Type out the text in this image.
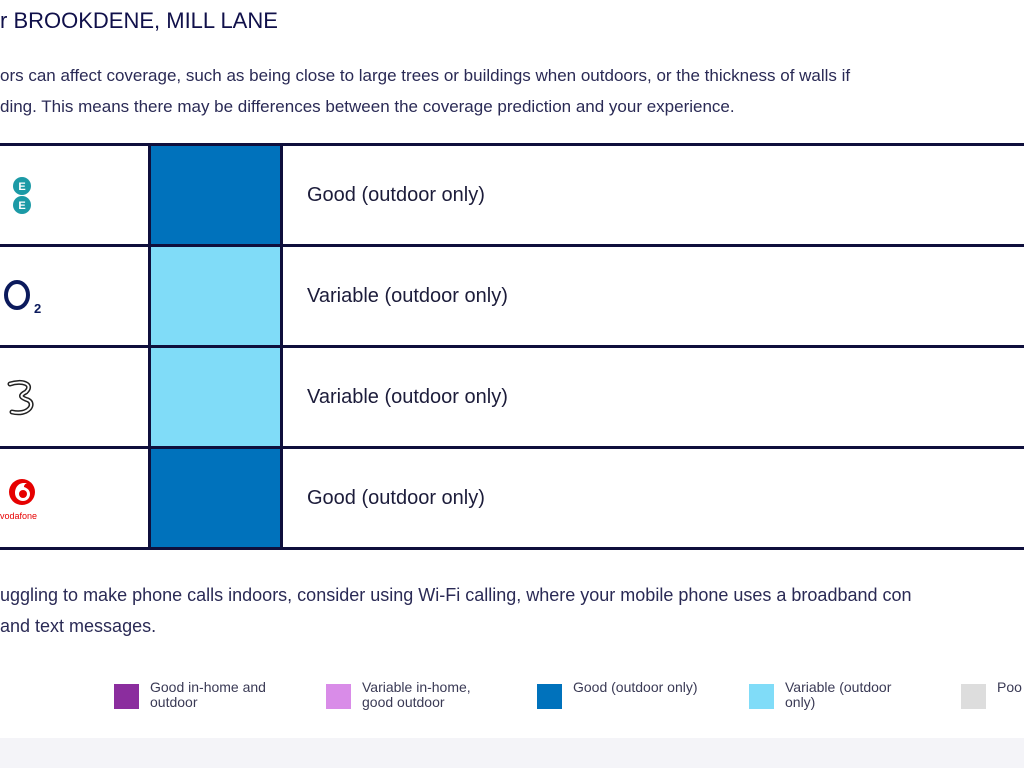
r BROOKDENE, MILL LANE
ors can affect coverage, such as being close to large trees or buildings when outdoors, or the thickness of walls if
ding. This means there may be differences between the coverage prediction and your experience.
E
E	Good (outdoor only)
2
Variable (outdoor only)
Variable (outdoor only)
vodafone
Good (outdoor only)
uggling to make phone calls indoors, consider using Wi-Fi calling, where your mobile phone uses a broadband con
and text messages.
Good in-home and outdoor
Variable in-home, good outdoor
Good (outdoor only)	Variable (outdoor only)
Poo
